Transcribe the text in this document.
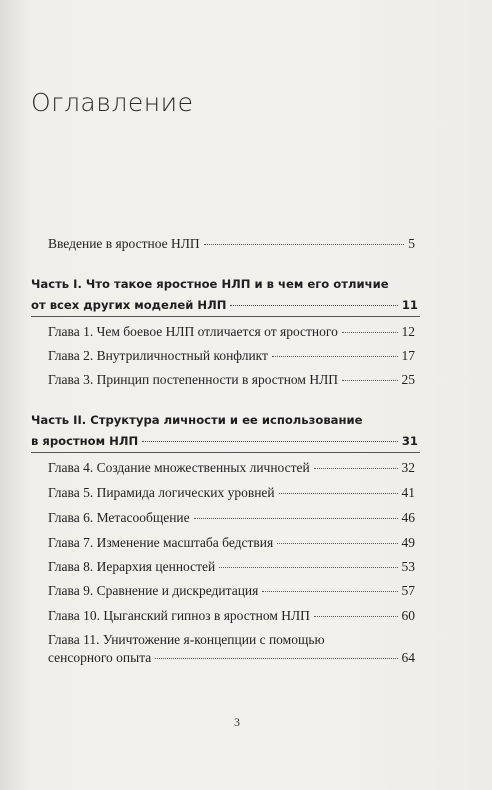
Оглавление
Введение в яростное НЛП	5
Часть I. Что такое яростное НЛП и в чем его отличие
от всех других моделей НЛП	11
Глава 1. Чем боевое НЛП отличается от яростного	12
Глава 2. Внутриличностный конфликт	17
Глава 3. Принцип постепенности в яростном НЛП	25
Часть II. Структура личности и ее использование
в яростном НЛП	31
Глава 4. Создание множественных личностей	32
Глава 5. Пирамида логических уровней	41
Глава 6. Метасообщение	46
Глава 7. Изменение масштаба бедствия	49
Глава 8. Иерархия ценностей	53
Глава 9. Сравнение и дискредитация	57
Глава 10. Цыганский гипноз в яростном НЛП	60
Глава 11. Уничтожение я-концепции с помощью
сенсорного опыта	64
3
